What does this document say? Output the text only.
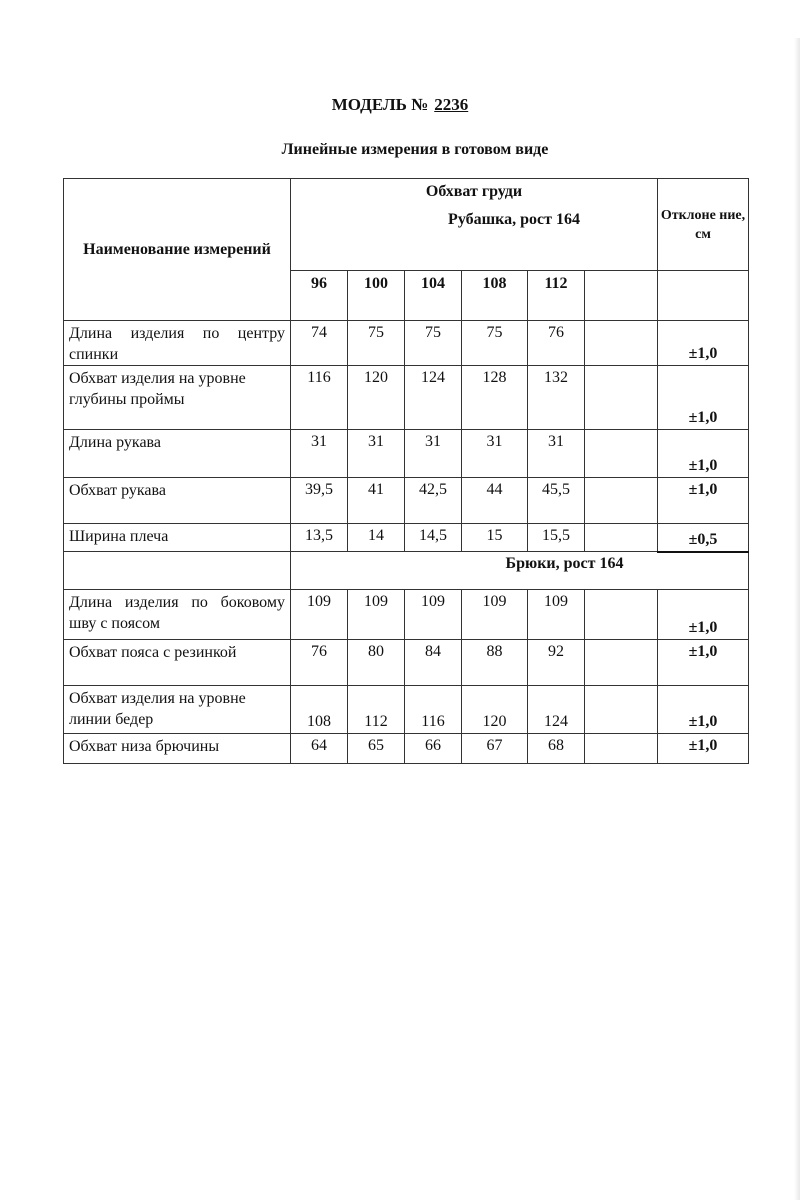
МОДЕЛЬ № 2236
Линейные измерения в готовом виде
Наименование измерений	Обхват груди
Рубашка, рост 164						Отклоне ние, см
	96	100	104	108	112		
Длина изделия по центру спинки	74	75	75	75	76		±1,0
Обхват изделия на уровне глубины проймы	116	120	124	128	132		±1,0
Длина рукава	31	31	31	31	31		±1,0
Обхват рукава	39,5	41	42,5	44	45,5		±1,0
Ширина плеча	13,5	14	14,5	15	15,5		±0,5
	Брюки, рост 164						
Длина изделия по боковому шву с поясом	109	109	109	109	109		±1,0
Обхват пояса с резинкой	76	80	84	88	92		±1,0
Обхват изделия на уровне линии бедер	108	112	116	120	124		±1,0
Обхват низа брючины	64	65	66	67	68		±1,0
